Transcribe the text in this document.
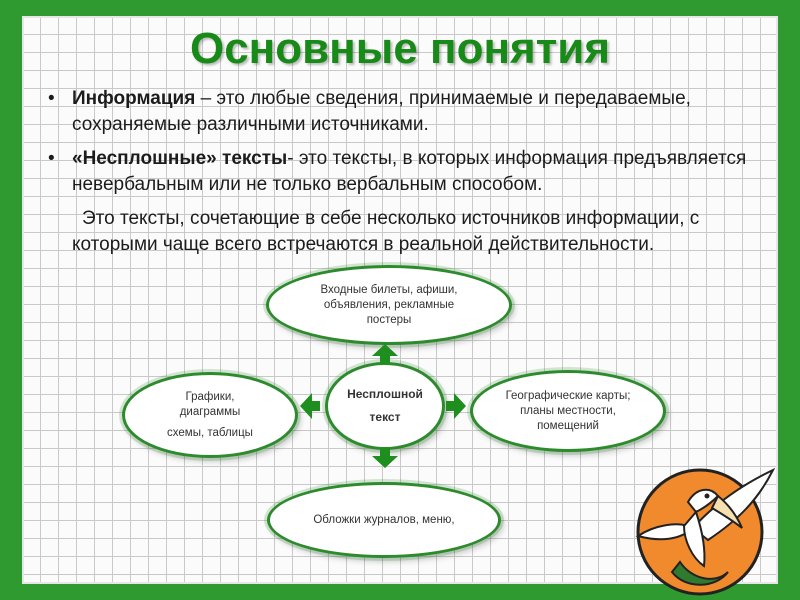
Основные понятия
• Информация – это любые сведения, принимаемые и передаваемые, сохраняемые различными источниками.
• «Несплошные» тексты- это тексты, в которых информация предъявляется невербальным или не только вербальным способом.
Это тексты, сочетающие в себе несколько источников информации, с которыми чаще всего встречаются в реальной действительности.
Входные билеты, афиши,
объявления, рекламные
постеры
Графики,
диаграммы
схемы, таблицы
Несплошной
текст
Географические карты;
планы местности,
помещений
Обложки журналов, меню,
